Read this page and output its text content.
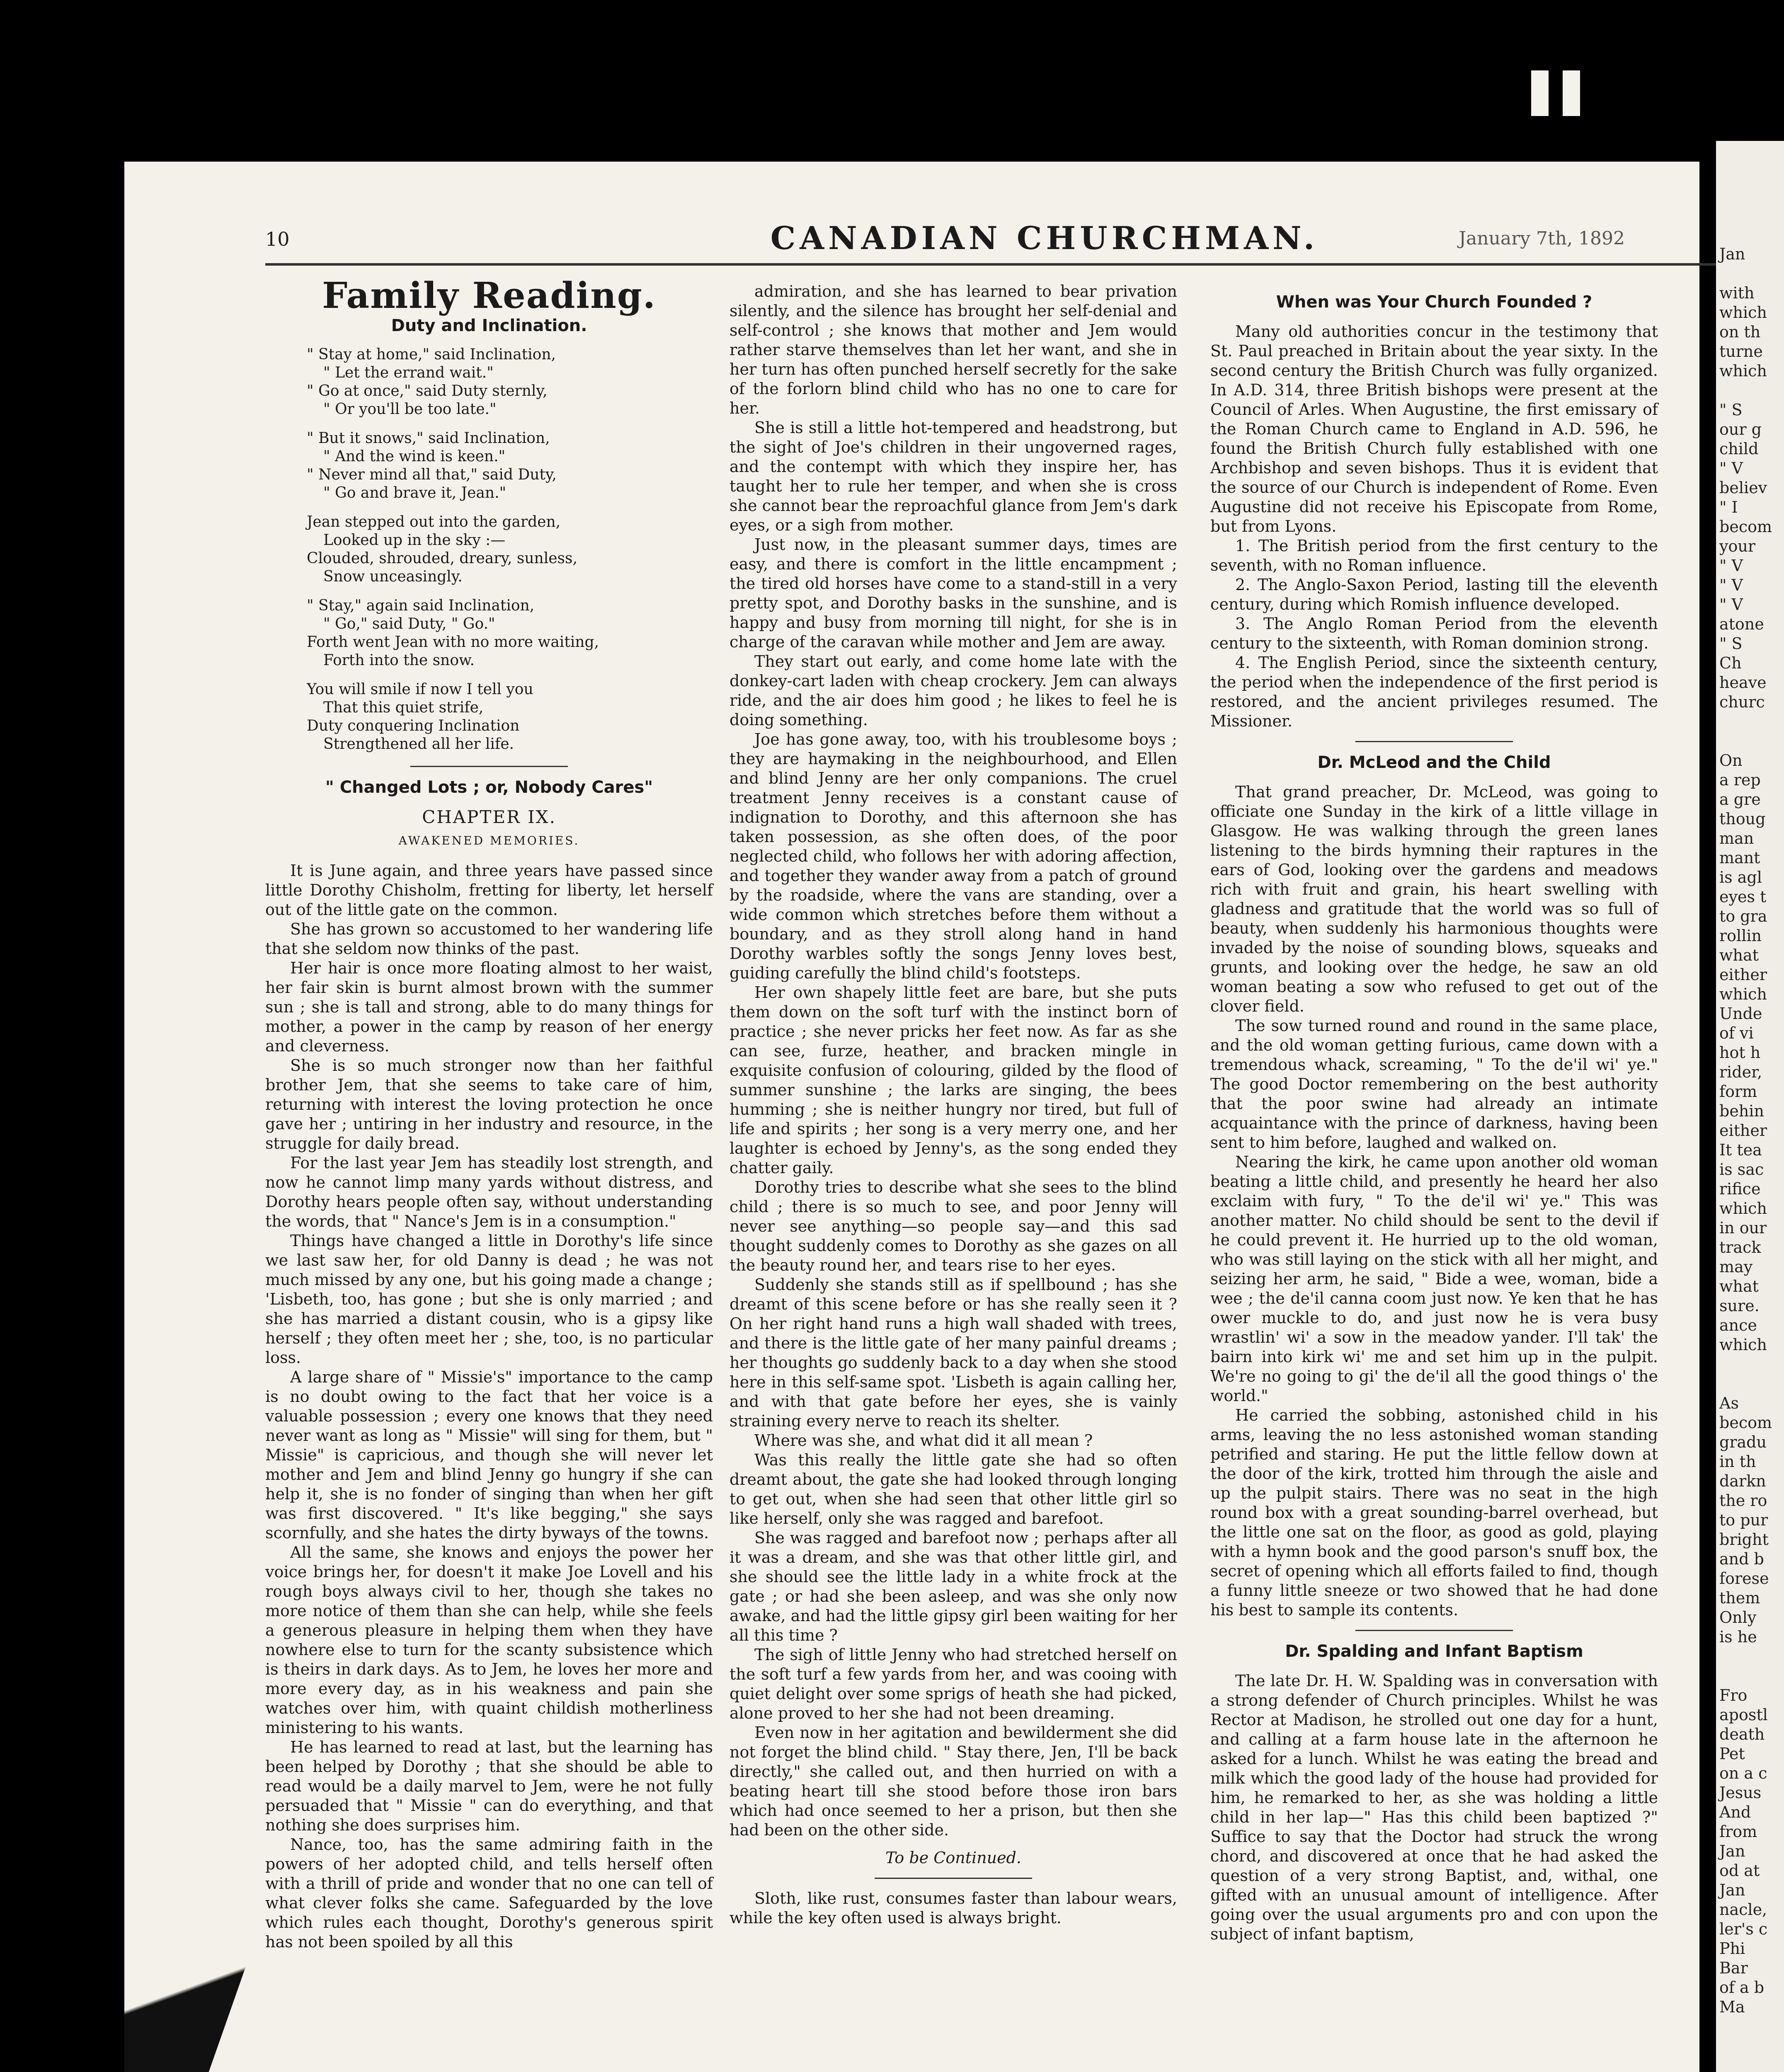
10	CANADIAN CHURCHMAN.	January 7th, 1892
Family Reading.
Duty and Inclination.
" Stay at home," said Inclination,
" Let the errand wait."
" Go at once," said Duty sternly,
" Or you'll be too late."
" But it snows," said Inclination,
" And the wind is keen."
" Never mind all that," said Duty,
" Go and brave it, Jean."
Jean stepped out into the garden,
Looked up in the sky :—
Clouded, shrouded, dreary, sunless,
Snow unceasingly.
" Stay," again said Inclination,
" Go," said Duty, " Go."
Forth went Jean with no more waiting,
Forth into the snow.
You will smile if now I tell you
That this quiet strife,
Duty conquering Inclination
Strengthened all her life.
" Changed Lots ; or, Nobody Cares"
CHAPTER IX.
AWAKENED MEMORIES.

It is June again, and three years have passed since little Dorothy Chisholm, fretting for liberty, let herself out of the little gate on the common.

She has grown so accustomed to her wandering life that she seldom now thinks of the past.

Her hair is once more floating almost to her waist, her fair skin is burnt almost brown with the summer sun ; she is tall and strong, able to do many things for mother, a power in the camp by reason of her energy and cleverness.

She is so much stronger now than her faithful brother Jem, that she seems to take care of him, returning with interest the loving protection he once gave her ; untiring in her industry and resource, in the struggle for daily bread.

For the last year Jem has steadily lost strength, and now he cannot limp many yards without distress, and Dorothy hears people often say, without understanding the words, that " Nance's Jem is in a consumption."

Things have changed a little in Dorothy's life since we last saw her, for old Danny is dead ; he was not much missed by any one, but his going made a change ; 'Lisbeth, too, has gone ; but she is only married ; and she has married a distant cousin, who is a gipsy like herself ; they often meet her ; she, too, is no particular loss.

A large share of " Missie's" importance to the camp is no doubt owing to the fact that her voice is a valuable possession ; every one knows that they need never want as long as " Missie" will sing for them, but " Missie" is capricious, and though she will never let mother and Jem and blind Jenny go hungry if she can help it, she is no fonder of singing than when her gift was first discovered. " It's like begging," she says scornfully, and she hates the dirty byways of the towns.

All the same, she knows and enjoys the power her voice brings her, for doesn't it make Joe Lovell and his rough boys always civil to her, though she takes no more notice of them than she can help, while she feels a generous pleasure in helping them when they have nowhere else to turn for the scanty subsistence which is theirs in dark days. As to Jem, he loves her more and more every day, as in his weakness and pain she watches over him, with quaint childish motherliness ministering to his wants.

He has learned to read at last, but the learning has been helped by Dorothy ; that she should be able to read would be a daily marvel to Jem, were he not fully persuaded that " Missie " can do everything, and that nothing she does surprises him.

Nance, too, has the same admiring faith in the powers of her adopted child, and tells herself often with a thrill of pride and wonder that no one can tell of what clever folks she came. Safeguarded by the love which rules each thought, Dorothy's generous spirit has not been spoiled by all this

admiration, and she has learned to bear privation silently, and the silence has brought her self-denial and self-control ; she knows that mother and Jem would rather starve themselves than let her want, and she in her turn has often punched herself secretly for the sake of the forlorn blind child who has no one to care for her.

She is still a little hot-tempered and headstrong, but the sight of Joe's children in their ungoverned rages, and the contempt with which they inspire her, has taught her to rule her temper, and when she is cross she cannot bear the reproachful glance from Jem's dark eyes, or a sigh from mother.

Just now, in the pleasant summer days, times are easy, and there is comfort in the little encampment ; the tired old horses have come to a stand-still in a very pretty spot, and Dorothy basks in the sunshine, and is happy and busy from morning till night, for she is in charge of the caravan while mother and Jem are away.

They start out early, and come home late with the donkey-cart laden with cheap crockery. Jem can always ride, and the air does him good ; he likes to feel he is doing something.

Joe has gone away, too, with his troublesome boys ; they are haymaking in the neighbourhood, and Ellen and blind Jenny are her only companions. The cruel treatment Jenny receives is a constant cause of indignation to Dorothy, and this afternoon she has taken possession, as she often does, of the poor neglected child, who follows her with adoring affection, and together they wander away from a patch of ground by the roadside, where the vans are standing, over a wide common which stretches before them without a boundary, and as they stroll along hand in hand Dorothy warbles softly the songs Jenny loves best, guiding carefully the blind child's footsteps.

Her own shapely little feet are bare, but she puts them down on the soft turf with the instinct born of practice ; she never pricks her feet now. As far as she can see, furze, heather, and bracken mingle in exquisite confusion of colouring, gilded by the flood of summer sunshine ; the larks are singing, the bees humming ; she is neither hungry nor tired, but full of life and spirits ; her song is a very merry one, and her laughter is echoed by Jenny's, as the song ended they chatter gaily.

Dorothy tries to describe what she sees to the blind child ; there is so much to see, and poor Jenny will never see anything—so people say—and this sad thought suddenly comes to Dorothy as she gazes on all the beauty round her, and tears rise to her eyes.

Suddenly she stands still as if spellbound ; has she dreamt of this scene before or has she really seen it ? On her right hand runs a high wall shaded with trees, and there is the little gate of her many painful dreams ; her thoughts go suddenly back to a day when she stood here in this self-same spot. 'Lisbeth is again calling her, and with that gate before her eyes, she is vainly straining every nerve to reach its shelter.

Where was she, and what did it all mean ?

Was this really the little gate she had so often dreamt about, the gate she had looked through longing to get out, when she had seen that other little girl so like herself, only she was ragged and barefoot.

She was ragged and barefoot now ; perhaps after all it was a dream, and she was that other little girl, and she should see the little lady in a white frock at the gate ; or had she been asleep, and was she only now awake, and had the little gipsy girl been waiting for her all this time ?

The sigh of little Jenny who had stretched herself on the soft turf a few yards from her, and was cooing with quiet delight over some sprigs of heath she had picked, alone proved to her she had not been dreaming.

Even now in her agitation and bewilderment she did not forget the blind child. " Stay there, Jen, I'll be back directly," she called out, and then hurried on with a beating heart till she stood before those iron bars which had once seemed to her a prison, but then she had been on the other side.

To be Continued.

Sloth, like rust, consumes faster than labour wears, while the key often used is always bright.

When was Your Church Founded ?

Many old authorities concur in the testimony that St. Paul preached in Britain about the year sixty. In the second century the British Church was fully organized. In A.D. 314, three British bishops were present at the Council of Arles. When Augustine, the first emissary of the Roman Church came to England in A.D. 596, he found the British Church fully established with one Archbishop and seven bishops. Thus it is evident that the source of our Church is independent of Rome. Even Augustine did not receive his Episcopate from Rome, but from Lyons.

1. The British period from the first century to the seventh, with no Roman influence.

2. The Anglo-Saxon Period, lasting till the eleventh century, during which Romish influence developed.

3. The Anglo Roman Period from the eleventh century to the sixteenth, with Roman dominion strong.

4. The English Period, since the sixteenth century, the period when the independence of the first period is restored, and the ancient privileges resumed. The Missioner.

Dr. McLeod and the Child

That grand preacher, Dr. McLeod, was going to officiate one Sunday in the kirk of a little village in Glasgow. He was walking through the green lanes listening to the birds hymning their raptures in the ears of God, looking over the gardens and meadows rich with fruit and grain, his heart swelling with gladness and gratitude that the world was so full of beauty, when suddenly his harmonious thoughts were invaded by the noise of sounding blows, squeaks and grunts, and looking over the hedge, he saw an old woman beating a sow who refused to get out of the clover field.

The sow turned round and round in the same place, and the old woman getting furious, came down with a tremendous whack, screaming, " To the de'il wi' ye." The good Doctor remembering on the best authority that the poor swine had already an intimate acquaintance with the prince of darkness, having been sent to him before, laughed and walked on.

Nearing the kirk, he came upon another old woman beating a little child, and presently he heard her also exclaim with fury, " To the de'il wi' ye." This was another matter. No child should be sent to the devil if he could prevent it. He hurried up to the old woman, who was still laying on the stick with all her might, and seizing her arm, he said, " Bide a wee, woman, bide a wee ; the de'il canna coom just now. Ye ken that he has ower muckle to do, and just now he is vera busy wrastlin' wi' a sow in the meadow yander. I'll tak' the bairn into kirk wi' me and set him up in the pulpit. We're no going to gi' the de'il all the good things o' the world."

He carried the sobbing, astonished child in his arms, leaving the no less astonished woman standing petrified and staring. He put the little fellow down at the door of the kirk, trotted him through the aisle and up the pulpit stairs. There was no seat in the high round box with a great sounding-barrel overhead, but the little one sat on the floor, as good as gold, playing with a hymn book and the good parson's snuff box, the secret of opening which all efforts failed to find, though a funny little sneeze or two showed that he had done his best to sample its contents.

Dr. Spalding and Infant Baptism

The late Dr. H. W. Spalding was in conversation with a strong defender of Church principles. Whilst he was Rector at Madison, he strolled out one day for a hunt, and calling at a farm house late in the afternoon he asked for a lunch. Whilst he was eating the bread and milk which the good lady of the house had provided for him, he remarked to her, as she was holding a little child in her lap—" Has this child been baptized ?" Suffice to say that the Doctor had struck the wrong chord, and discovered at once that he had asked the question of a very strong Baptist, and, withal, one gifted with an unusual amount of intelligence. After going over the usual arguments pro and con upon the subject of infant baptism,

Jan

with
which
on th
turne
which

" S
our g
child
" V
believ
" I
becom
your
" V
" V
" V
atone
" S
Ch
heave
churc

On
a rep
a gre
thoug
man
mant
is agl
eyes t
to gra
rollin
what
either
which
Unde
of vi
hot h
rider,
form
behin
either
It tea
is sac
rifice
which
in our
track
may
what
sure.
ance
which

As
becom
gradu
in th
darkn
the ro
to pur
bright
and b
forese
them
Only
is he

Fro
apostl
death
Pet
on a c
Jesus
And
from
Jan
od at
Jan
nacle,
ler's c
Phi
Bar
of a b
Ma
